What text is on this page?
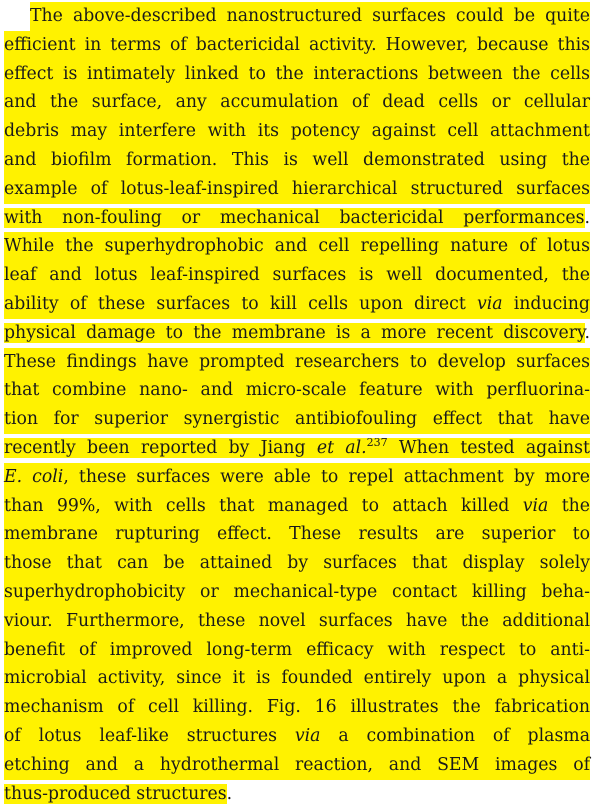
The above-described nanostructured surfaces could be quite
efficient in terms of bactericidal activity. However, because this
effect is intimately linked to the interactions between the cells
and the surface, any accumulation of dead cells or cellular
debris may interfere with its potency against cell attachment
and biofilm formation. This is well demonstrated using the
example of lotus-leaf-inspired hierarchical structured surfaces
with non-fouling or mechanical bactericidal performances.
While the superhydrophobic and cell repelling nature of lotus
leaf and lotus leaf-inspired surfaces is well documented, the
ability of these surfaces to kill cells upon direct via inducing
physical damage to the membrane is a more recent discovery.
These findings have prompted researchers to develop surfaces
that combine nano- and micro-scale feature with perfluorina-
tion for superior synergistic antibiofouling effect that have
recently been reported by Jiang et al.$^{237}$ When tested against
E. coli, these surfaces were able to repel attachment by more
than 99%, with cells that managed to attach killed via the
membrane rupturing effect. These results are superior to
those that can be attained by surfaces that display solely
superhydrophobicity or mechanical-type contact killing beha-
viour. Furthermore, these novel surfaces have the additional
benefit of improved long-term efficacy with respect to anti-
microbial activity, since it is founded entirely upon a physical
mechanism of cell killing. Fig. 16 illustrates the fabrication
of lotus leaf-like structures via a combination of plasma
etching and a hydrothermal reaction, and SEM images of
thus-produced structures.
